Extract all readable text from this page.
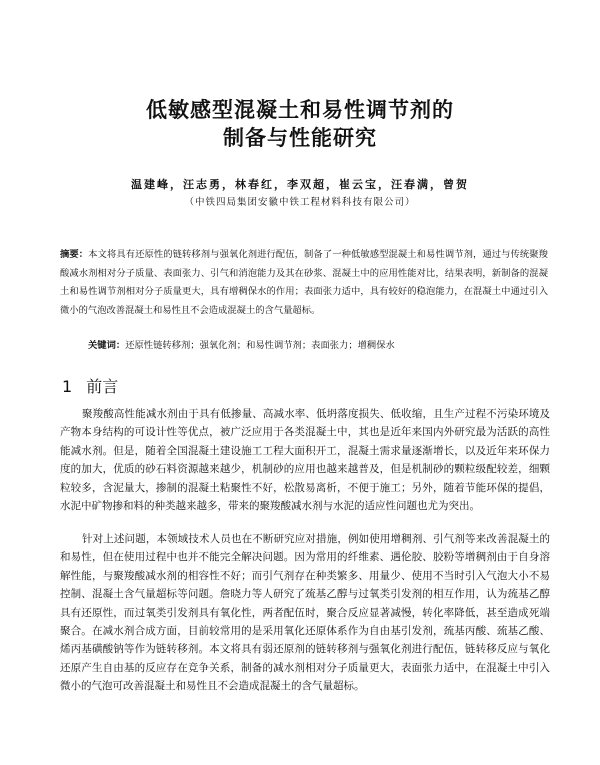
低敏感型混凝土和易性调节剂的
制备与性能研究
温建峰，汪志勇，林春红，李双超，崔云宝，汪春满，曾贺
（中铁四局集团安徽中铁工程材料科技有限公司）
摘要：本文将具有还原性的链转移剂与强氧化剂进行配伍，制备了一种低敏感型混凝土和易性调节剂，通过与传统聚羧酸减水剂相对分子质量、表面张力、引气和消泡能力及其在砂浆、混凝土中的应用性能对比，结果表明，新制备的混凝土和易性调节剂相对分子质量更大，具有增稠保水的作用；表面张力适中，具有较好的稳泡能力，在混凝土中通过引入微小的气泡改善混凝土和易性且不会造成混凝土的含气量超标。
关键词：还原性链转移剂；强氧化剂；和易性调节剂；表面张力；增稠保水
1 前言

聚羧酸高性能减水剂由于具有低掺量、高减水率、低坍落度损失、低收缩，且生产过程不污染环境及产物本身结构的可设计性等优点，被广泛应用于各类混凝土中，其也是近年来国内外研究最为活跃的高性能减水剂。但是，随着全国混凝土建设施工工程大面积开工，混凝土需求量逐渐增长，以及近年来环保力度的加大，优质的砂石料资源越来越少，机制砂的应用也越来越普及，但是机制砂的颗粒级配较差，细颗粒较多，含泥量大，掺制的混凝土粘聚性不好，松散易离析，不便于施工；另外，随着节能环保的提倡，水泥中矿物掺和料的种类越来越多，带来的聚羧酸减水剂与水泥的适应性问题也尤为突出。

针对上述问题，本领域技术人员也在不断研究应对措施，例如使用增稠剂、引气剂等来改善混凝土的和易性，但在使用过程中也并不能完全解决问题。因为常用的纤维素、遇伦胶、胶粉等增稠剂由于自身溶解性能，与聚羧酸减水剂的相容性不好；而引气剂存在种类繁多、用量少、使用不当时引入气泡大小不易控制、混凝土含气量超标等问题。詹晓力等人研究了巯基乙醇与过氧类引发剂的相互作用，认为巯基乙醇具有还原性，而过氧类引发剂具有氧化性，两者配伍时，聚合反应显著减慢，转化率降低，甚至造成死端聚合。在减水剂合成方面，目前较常用的是采用氧化还原体系作为自由基引发剂，巯基丙酸、巯基乙酸、烯丙基磺酸钠等作为链转移剂。本文将具有弱还原剂的链转移剂与强氧化剂进行配伍，链转移反应与氧化还原产生自由基的反应存在竞争关系，制备的减水剂相对分子质量更大，表面张力适中，在混凝土中引入微小的气泡可改善混凝土和易性且不会造成混凝土的含气量超标。
